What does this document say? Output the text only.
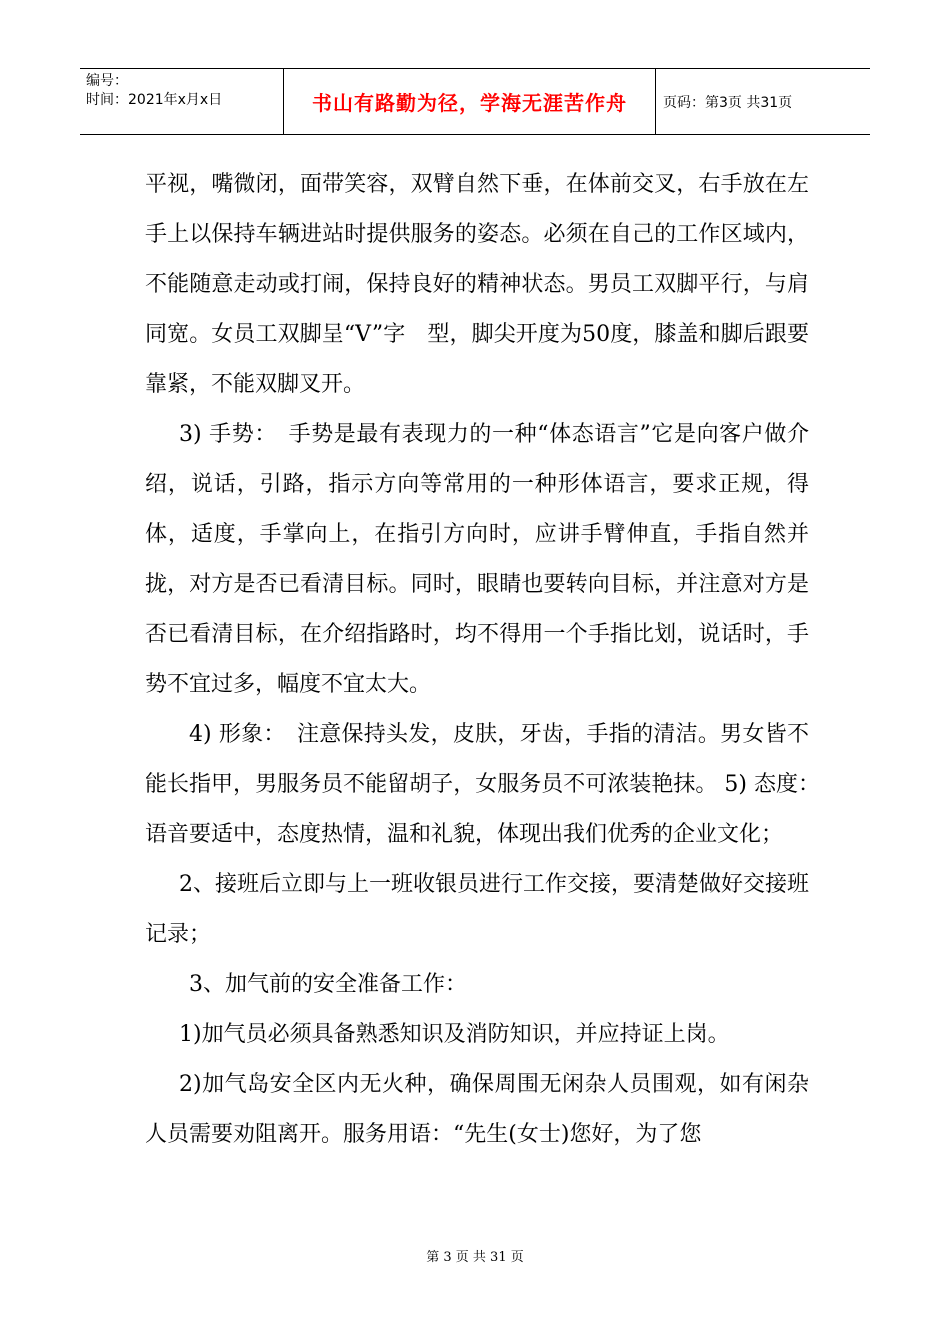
编号：
时间：2021年x月x日	书山有路勤为径，学海无涯苦作舟	页码：第3页 共31页

平视，嘴微闭，面带笑容，双臂自然下垂，在体前交叉，右手放在左手上以保持车辆进站时提供服务的姿态。必须在自己的工作区域内，不能随意走动或打闹，保持良好的精神状态。男员工双脚平行，与肩同宽。女员工双脚呈“V”字　型，脚尖开度为50度，膝盖和脚后跟要靠紧，不能双脚叉开。

3) 手势：　手势是最有表现力的一种“体态语言”它是向客户做介绍，说话，引路，指示方向等常用的一种形体语言，要求正规，得体，适度，手掌向上，在指引方向时，应讲手臂伸直，手指自然并拢，对方是否已看清目标。同时，眼睛也要转向目标，并注意对方是否已看清目标，在介绍指路时，均不得用一个手指比划，说话时，手势不宜过多，幅度不宜太大。

4) 形象：　注意保持头发，皮肤，牙齿，手指的清洁。男女皆不能长指甲，男服务员不能留胡子，女服务员不可浓装艳抹。 5) 态度：　语音要适中，态度热情，温和礼貌，体现出我们优秀的企业文化；

2、接班后立即与上一班收银员进行工作交接，要清楚做好交接班 记录；

3、加气前的安全准备工作：

1)加气员必须具备熟悉知识及消防知识，并应持证上岗。

2)加气岛安全区内无火种，确保周围无闲杂人员围观，如有闲杂人员需要劝阻离开。服务用语：“先生(女士)您好，为了您

第 3 页 共 31 页
